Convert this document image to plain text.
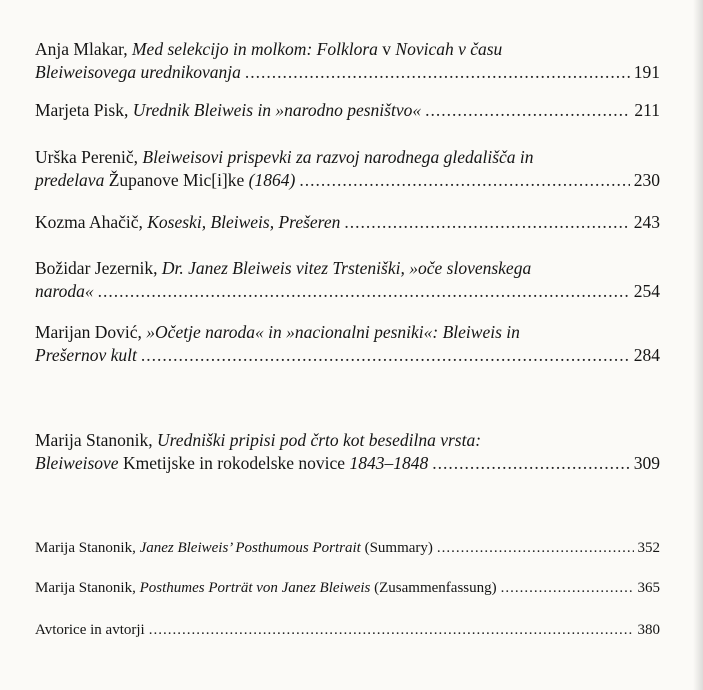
Anja Mlakar, Med selekcijo in molkom: Folklora v Novicah v času
Bleiweisovega urednikovanja .....	191
Marjeta Pisk, Urednik Bleiweis in »narodno pesništvo« .....	211
Urška Perenič, Bleiweisovi prispevki za razvoj narodnega gledališča in
predelava Županove Mic[i]ke (1864) .....	230
Kozma Ahačič, Koseski, Bleiweis, Prešeren .....	243
Božidar Jezernik, Dr. Janez Bleiweis vitez Trsteniški, »oče slovenskega
naroda« .....	254
Marijan Dović, »Očetje naroda« in »nacionalni pesniki«: Bleiweis in
Prešernov kult .....	284
Marija Stanonik, Uredniški pripisi pod črto kot besedilna vrsta:
Bleiweisove Kmetijske in rokodelske novice 1843–1848 .....	309
Marija Stanonik, Janez Bleiweis’ Posthumous Portrait (Summary) .....	352
Marija Stanonik, Posthumes Porträt von Janez Bleiweis (Zusammenfassung) .....	365
Avtorice in avtorji .....	380
